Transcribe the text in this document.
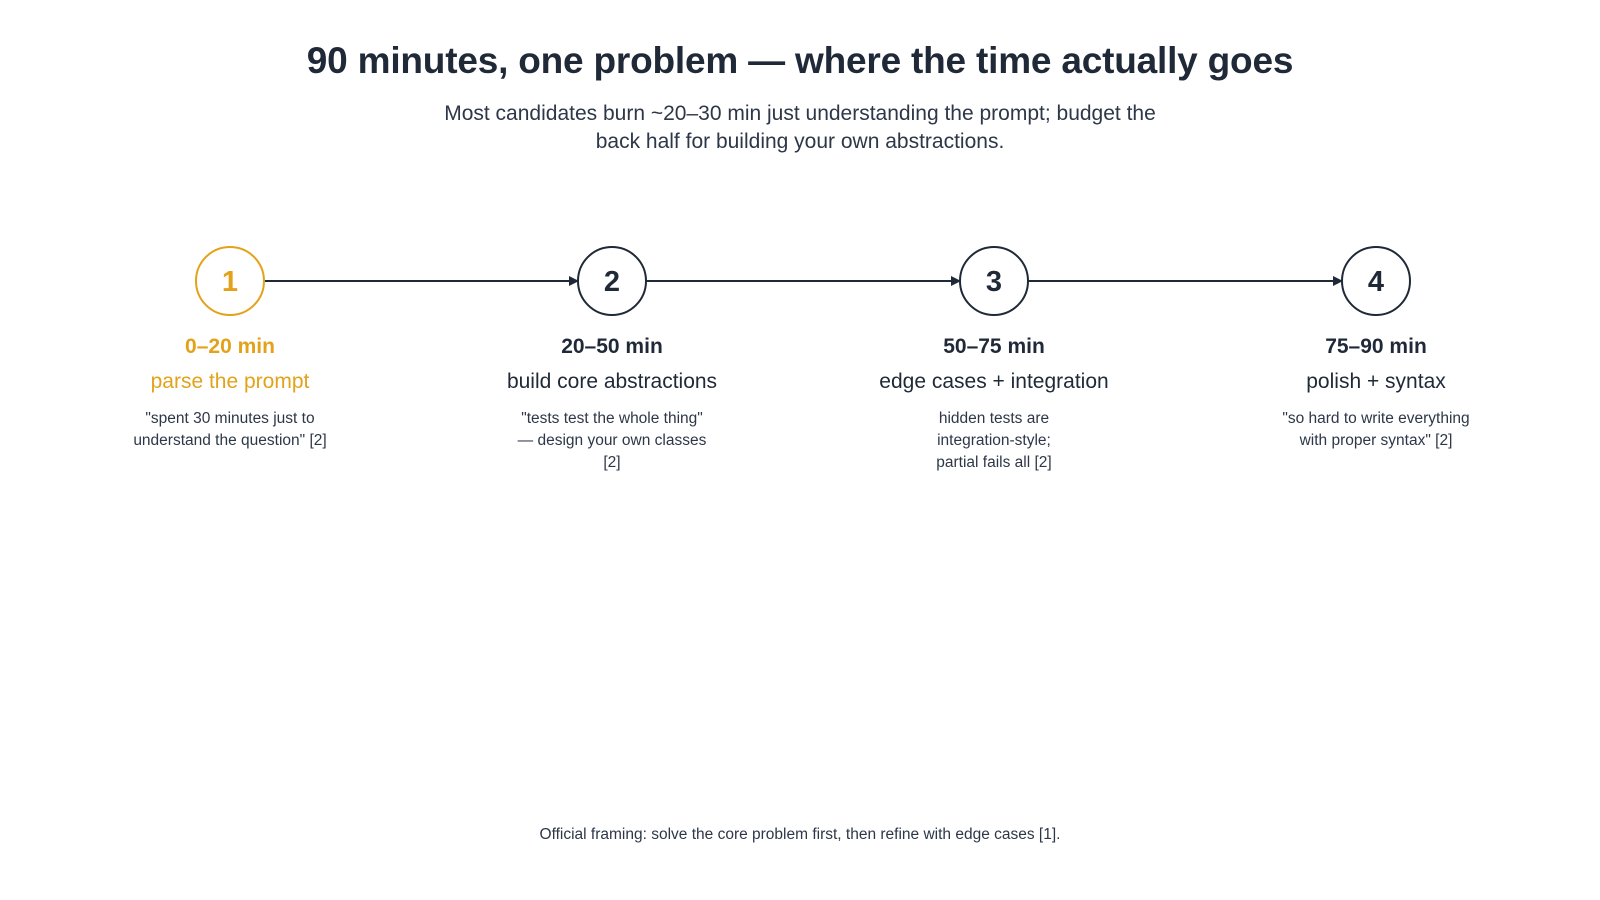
90 minutes, one problem — where the time actually goes
Most candidates burn ~20–30 min just understanding the prompt; budget the back half for building your own abstractions.
1	2	3	4
0–20 min
parse the prompt
"spent 30 minutes just to understand the question" [2]
20–50 min
build core abstractions
"tests test the whole thing" — design your own classes [2]
50–75 min
edge cases + integration
hidden tests are integration-style; partial fails all [2]
75–90 min
polish + syntax
"so hard to write everything with proper syntax" [2]
Official framing: solve the core problem first, then refine with edge cases [1].
